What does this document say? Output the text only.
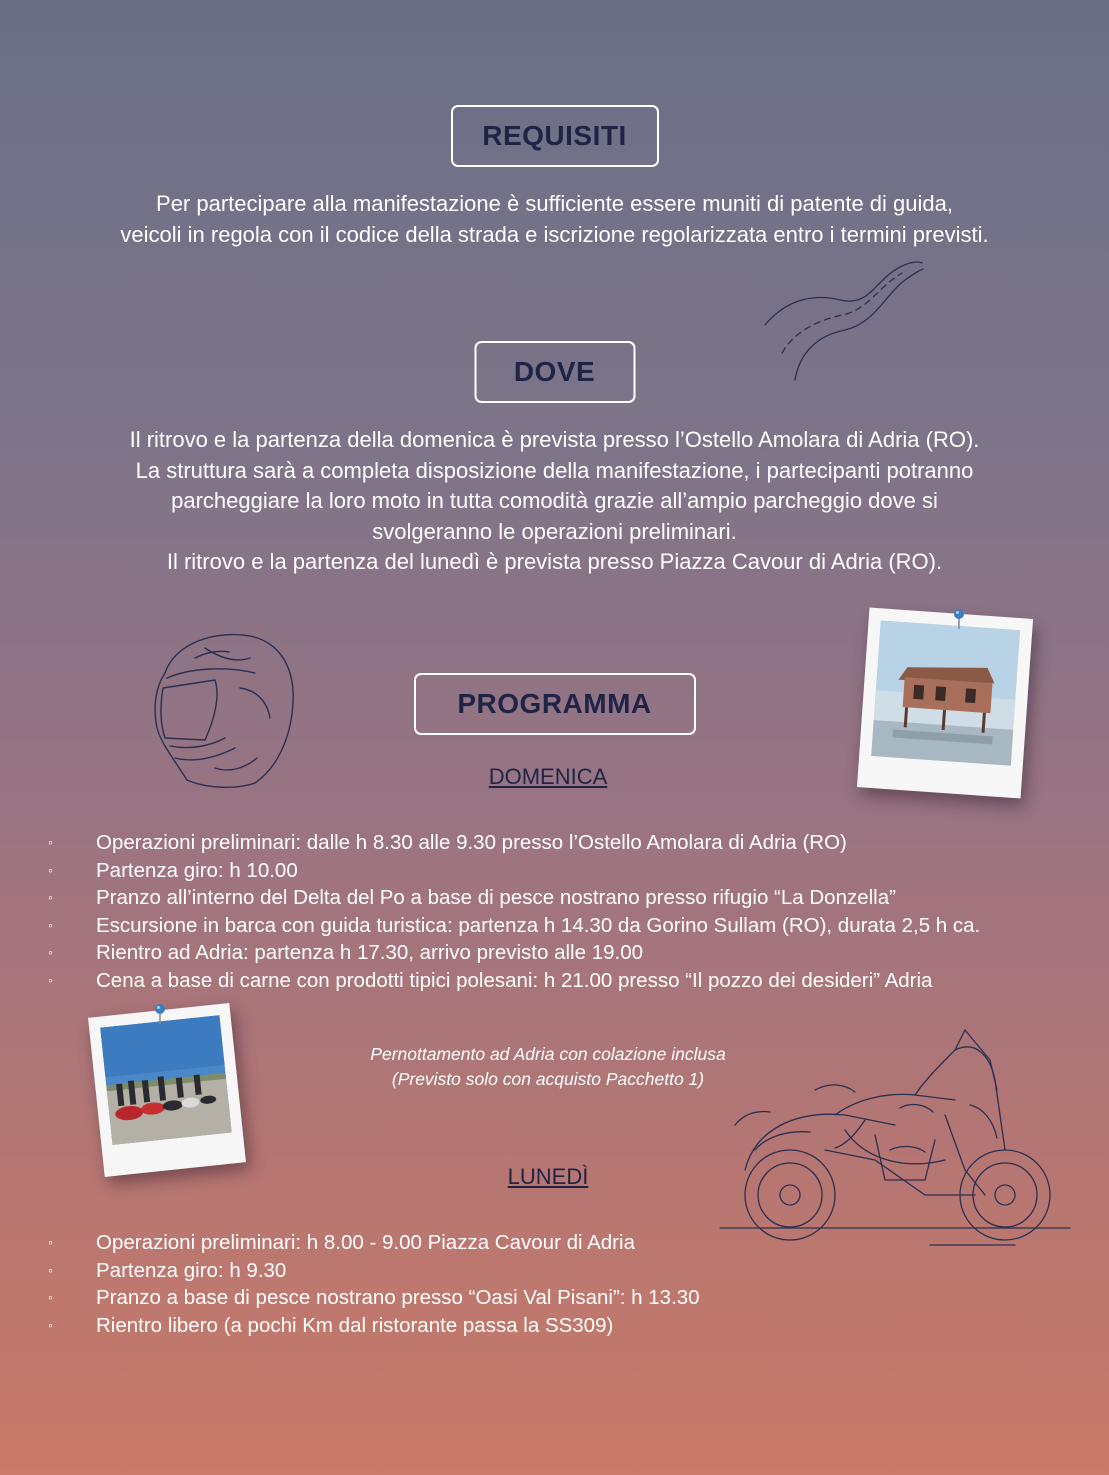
REQUISITI
Per partecipare alla manifestazione è sufficiente essere muniti di patente di guida,
veicoli in regola con il codice della strada e iscrizione regolarizzata entro i termini previsti.
DOVE
Il ritrovo e la partenza della domenica è prevista presso l’Ostello Amolara di Adria (RO).
La struttura sarà a completa disposizione della manifestazione, i partecipanti potranno
parcheggiare la loro moto in tutta comodità grazie all’ampio parcheggio dove si
svolgeranno le operazioni preliminari.
Il ritrovo e la partenza del lunedì è prevista presso Piazza Cavour di Adria (RO).
PROGRAMMA
DOMENICA
◦ Operazioni preliminari: dalle h 8.30 alle 9.30 presso l’Ostello Amolara di Adria (RO)
◦ Partenza giro: h 10.00
◦ Pranzo all’interno del Delta del Po a base di pesce nostrano presso rifugio “La Donzella”
◦ Escursione in barca con guida turistica: partenza h 14.30 da Gorino Sullam (RO), durata 2,5 h ca.
◦ Rientro ad Adria: partenza h 17.30, arrivo previsto alle 19.00
◦ Cena a base di carne con prodotti tipici polesani: h 21.00 presso “Il pozzo dei desideri” Adria
Pernottamento ad Adria con colazione inclusa
(Previsto solo con acquisto Pacchetto 1)
LUNEDÌ
◦ Operazioni preliminari: h 8.00 - 9.00 Piazza Cavour di Adria
◦ Partenza giro: h 9.30
◦ Pranzo a base di pesce nostrano presso “Oasi Val Pisani”: h 13.30
◦ Rientro libero (a pochi Km dal ristorante passa la SS309)
